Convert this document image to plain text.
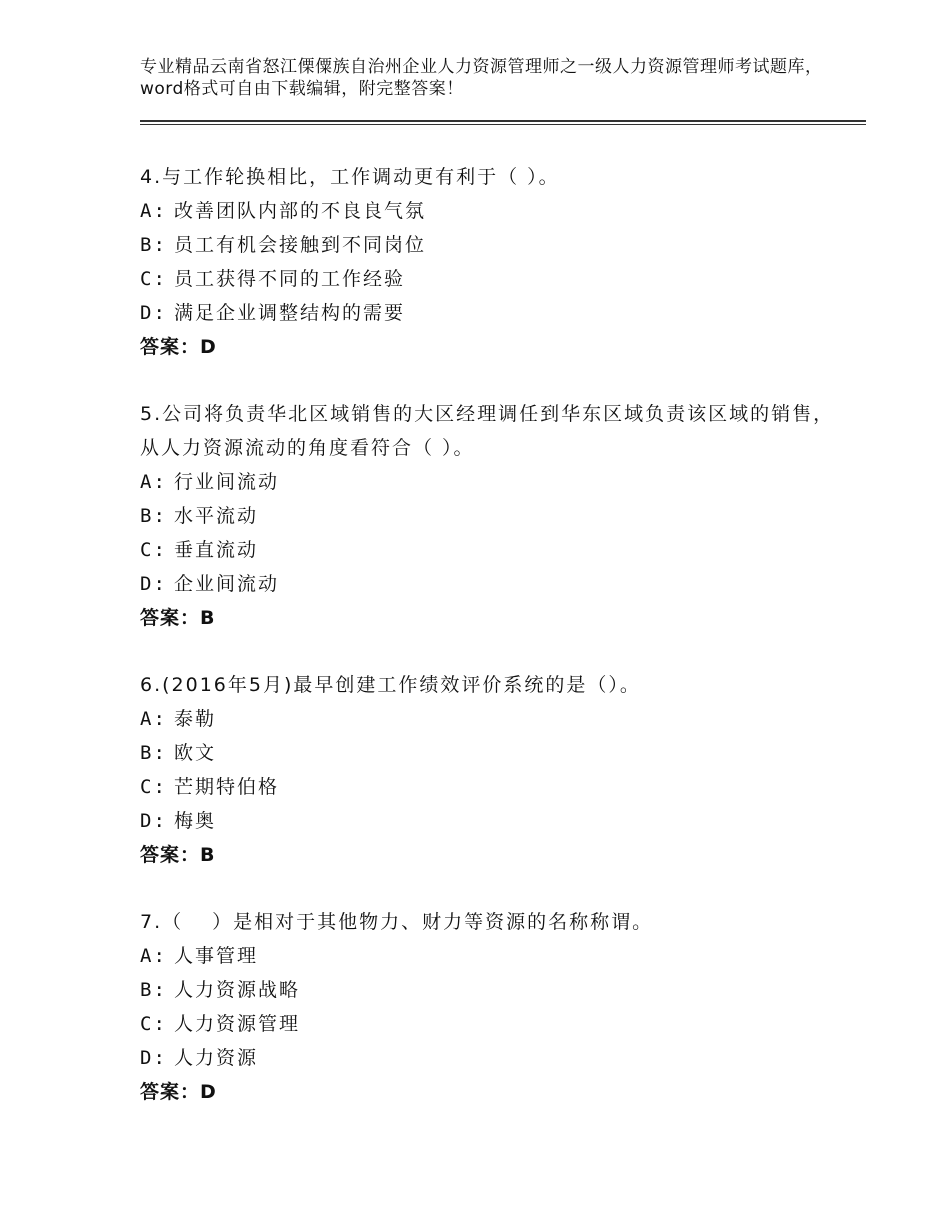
专业精品云南省怒江傈僳族自治州企业人力资源管理师之一级人力资源管理师考试题库，word格式可自由下载编辑，附完整答案！
4.与工作轮换相比，工作调动更有利于（ ）。
A: 改善团队内部的不良良气氛
B: 员工有机会接触到不同岗位
C: 员工获得不同的工作经验
D: 满足企业调整结构的需要
答案：D
5.公司将负责华北区域销售的大区经理调任到华东区域负责该区域的销售，从人力资源流动的角度看符合（ ）。
A: 行业间流动
B: 水平流动
C: 垂直流动
D: 企业间流动
答案：B
6.(2016年5月)最早创建工作绩效评价系统的是（）。
A: 泰勒
B: 欧文
C: 芒期特伯格
D: 梅奥
答案：B
7.（　 ）是相对于其他物力、财力等资源的名称称谓。
A: 人事管理
B: 人力资源战略
C: 人力资源管理
D: 人力资源
答案：D
